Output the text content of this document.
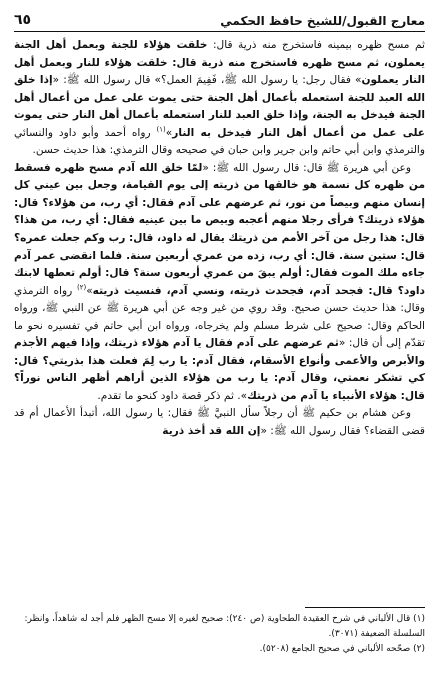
معارج القبول/للشيخ حافظ الحكمي
٦٥

ثم مسح ظهره بيمينه فاستخرج منه ذرية قال: خلقت هؤلاء للجنة وبعمل أهل الجنة يعملون، ثم مسح ظهره فاستخرج منه ذرية قال: خلقت هؤلاء للنار وبعمل أهل النار يعملون» فقال رجل: يا رسول الله ﷺ، فَفِيمَ العمل؟» قال رسول الله ﷺ: «إذا خلق الله العبد للجنة استعمله بأعمال أهل الجنة حتى يموت على عمل من أعمال أهل الجنة فيدخل به الجنة، وإذا خلق العبد للنار استعمله بأعمال أهل النار حتى يموت على عمل من أعمال أهل النار فيدخل به النار»$^{(١)}$ رواه أحمد وأبو داود والنسائي والترمذي وابن أبي حاتم وابن جرير وابن حبان في صحيحه وقال الترمذي: هذا حديث حسن.

وعن أبي هريرة ﷺ قال: قال رسول الله ﷺ: «لمّا خلق الله آدم مسح ظهره فسقط من ظهره كل نسمة هو خالقها من ذريته إلى يوم القيامة، وجعل بين عيني كل إنسان منهم وبيصاً من نور، ثم عرضهم على آدم فقال: أي رب، من هؤلاء؟ قال: هؤلاء ذريتك؟ فرأى رجلا منهم أعجبه وبيص ما بين عينيه فقال: أي رب، من هذا؟ قال: هذا رجل من آخر الأمم من ذريتك يقال له داود، قال: رب وكم جعلت عمره؟ قال: ستين سنة. قال: أي رب، زده من عمري أربعين سنة. فلما انقضى عمر آدم جاءه ملك الموت فقال: أولم يبقَ من عمري أربعون سنة؟ قال: أولم تعطها لابنك داود؟ قال: فجحد آدم، فجحدت ذريته، ونسي آدم، فنسيت ذريته»$^{(٢)}$ رواه الترمذي وقال: هذا حديث حسن صحيح. وقد روي من غير وجه عن أبي هريرة ﷺ عن النبي ﷺ، ورواه الحاكم وقال: صحيح على شرط مسلم ولم يخرجاه، ورواه ابن أبي حاتم في تفسيره نحو ما تقدّم إلى أن قال: «ثم عرضهم على آدم فقال يا آدم هؤلاء ذريتك، وإذا فيهم الأجذم والأبرص والأعمى وأنواع الأسقام، فقال آدم: يا رب لِمَ فعلت هذا بذريتي؟ قال: كي تشكر نعمتي، وقال آدم: يا رب من هؤلاء الذين أراهم أظهر الناس نوراً؟ قال: هؤلاء الأنبياء يا آدم من ذريتك». ثم ذكر قصة داود كنحو ما تقدم.

وعن هشام بن حكيم ﷺ أن رجلاً سأل النبيَّ ﷺ فقال: يا رسول الله، أتبدأ الأعمال أم قد قضى القضاء؟ فقال رسول الله ﷺ: «إن الله قد أخذ ذرية

(١) قال الألباني في شرح العقيدة الطحاوية (ص ٢٤٠): صحيح لغيره إلا مسح الظهر فلم أجد له شاهداً، وانظر: السلسلة الضعيفة (٣٠٧١).

(٢) صحّحه الألباني في صحيح الجامع (٥٢٠٨).
